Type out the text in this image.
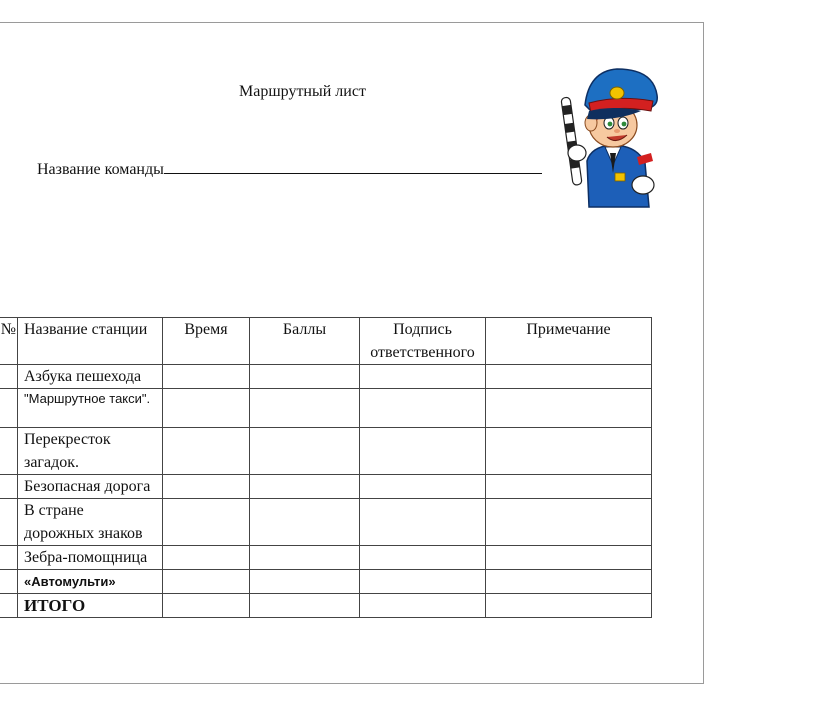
Маршрутный лист
Название команды
№	Название станции	Время	Баллы	Подпись ответственного	Примечание
	Азбука пешехода				
	"Маршрутное такси".				
	Перекресток загадок.				
	Безопасная дорога				
	В стране дорожных знаков				
	Зебра-помощница				
	«Автомульти»				
	ИТОГО				
